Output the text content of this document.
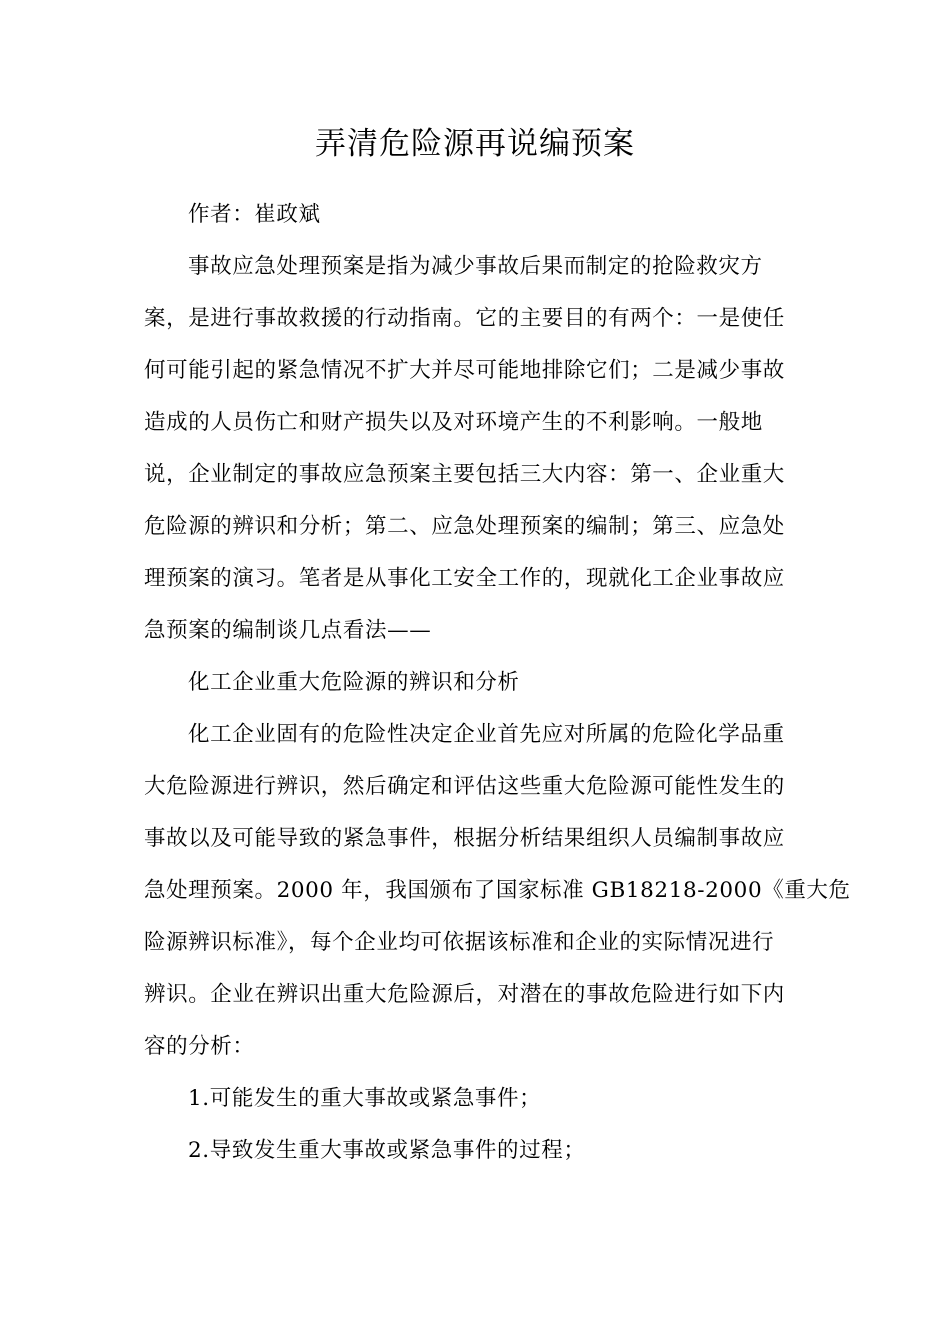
弄清危险源再说编预案
作者：崔政斌
事故应急处理预案是指为减少事故后果而制定的抢险救灾方
案，是进行事故救援的行动指南。它的主要目的有两个：一是使任
何可能引起的紧急情况不扩大并尽可能地排除它们；二是减少事故
造成的人员伤亡和财产损失以及对环境产生的不利影响。一般地
说，企业制定的事故应急预案主要包括三大内容：第一、企业重大
危险源的辨识和分析；第二、应急处理预案的编制；第三、应急处
理预案的演习。笔者是从事化工安全工作的，现就化工企业事故应
急预案的编制谈几点看法——
化工企业重大危险源的辨识和分析
化工企业固有的危险性决定企业首先应对所属的危险化学品重
大危险源进行辨识，然后确定和评估这些重大危险源可能性发生的
事故以及可能导致的紧急事件，根据分析结果组织人员编制事故应
急处理预案。2000 年，我国颁布了国家标准 GB18218-2000《重大危
险源辨识标准》，每个企业均可依据该标准和企业的实际情况进行
辨识。企业在辨识出重大危险源后，对潜在的事故危险进行如下内
容的分析：
1.可能发生的重大事故或紧急事件；
2.导致发生重大事故或紧急事件的过程；
